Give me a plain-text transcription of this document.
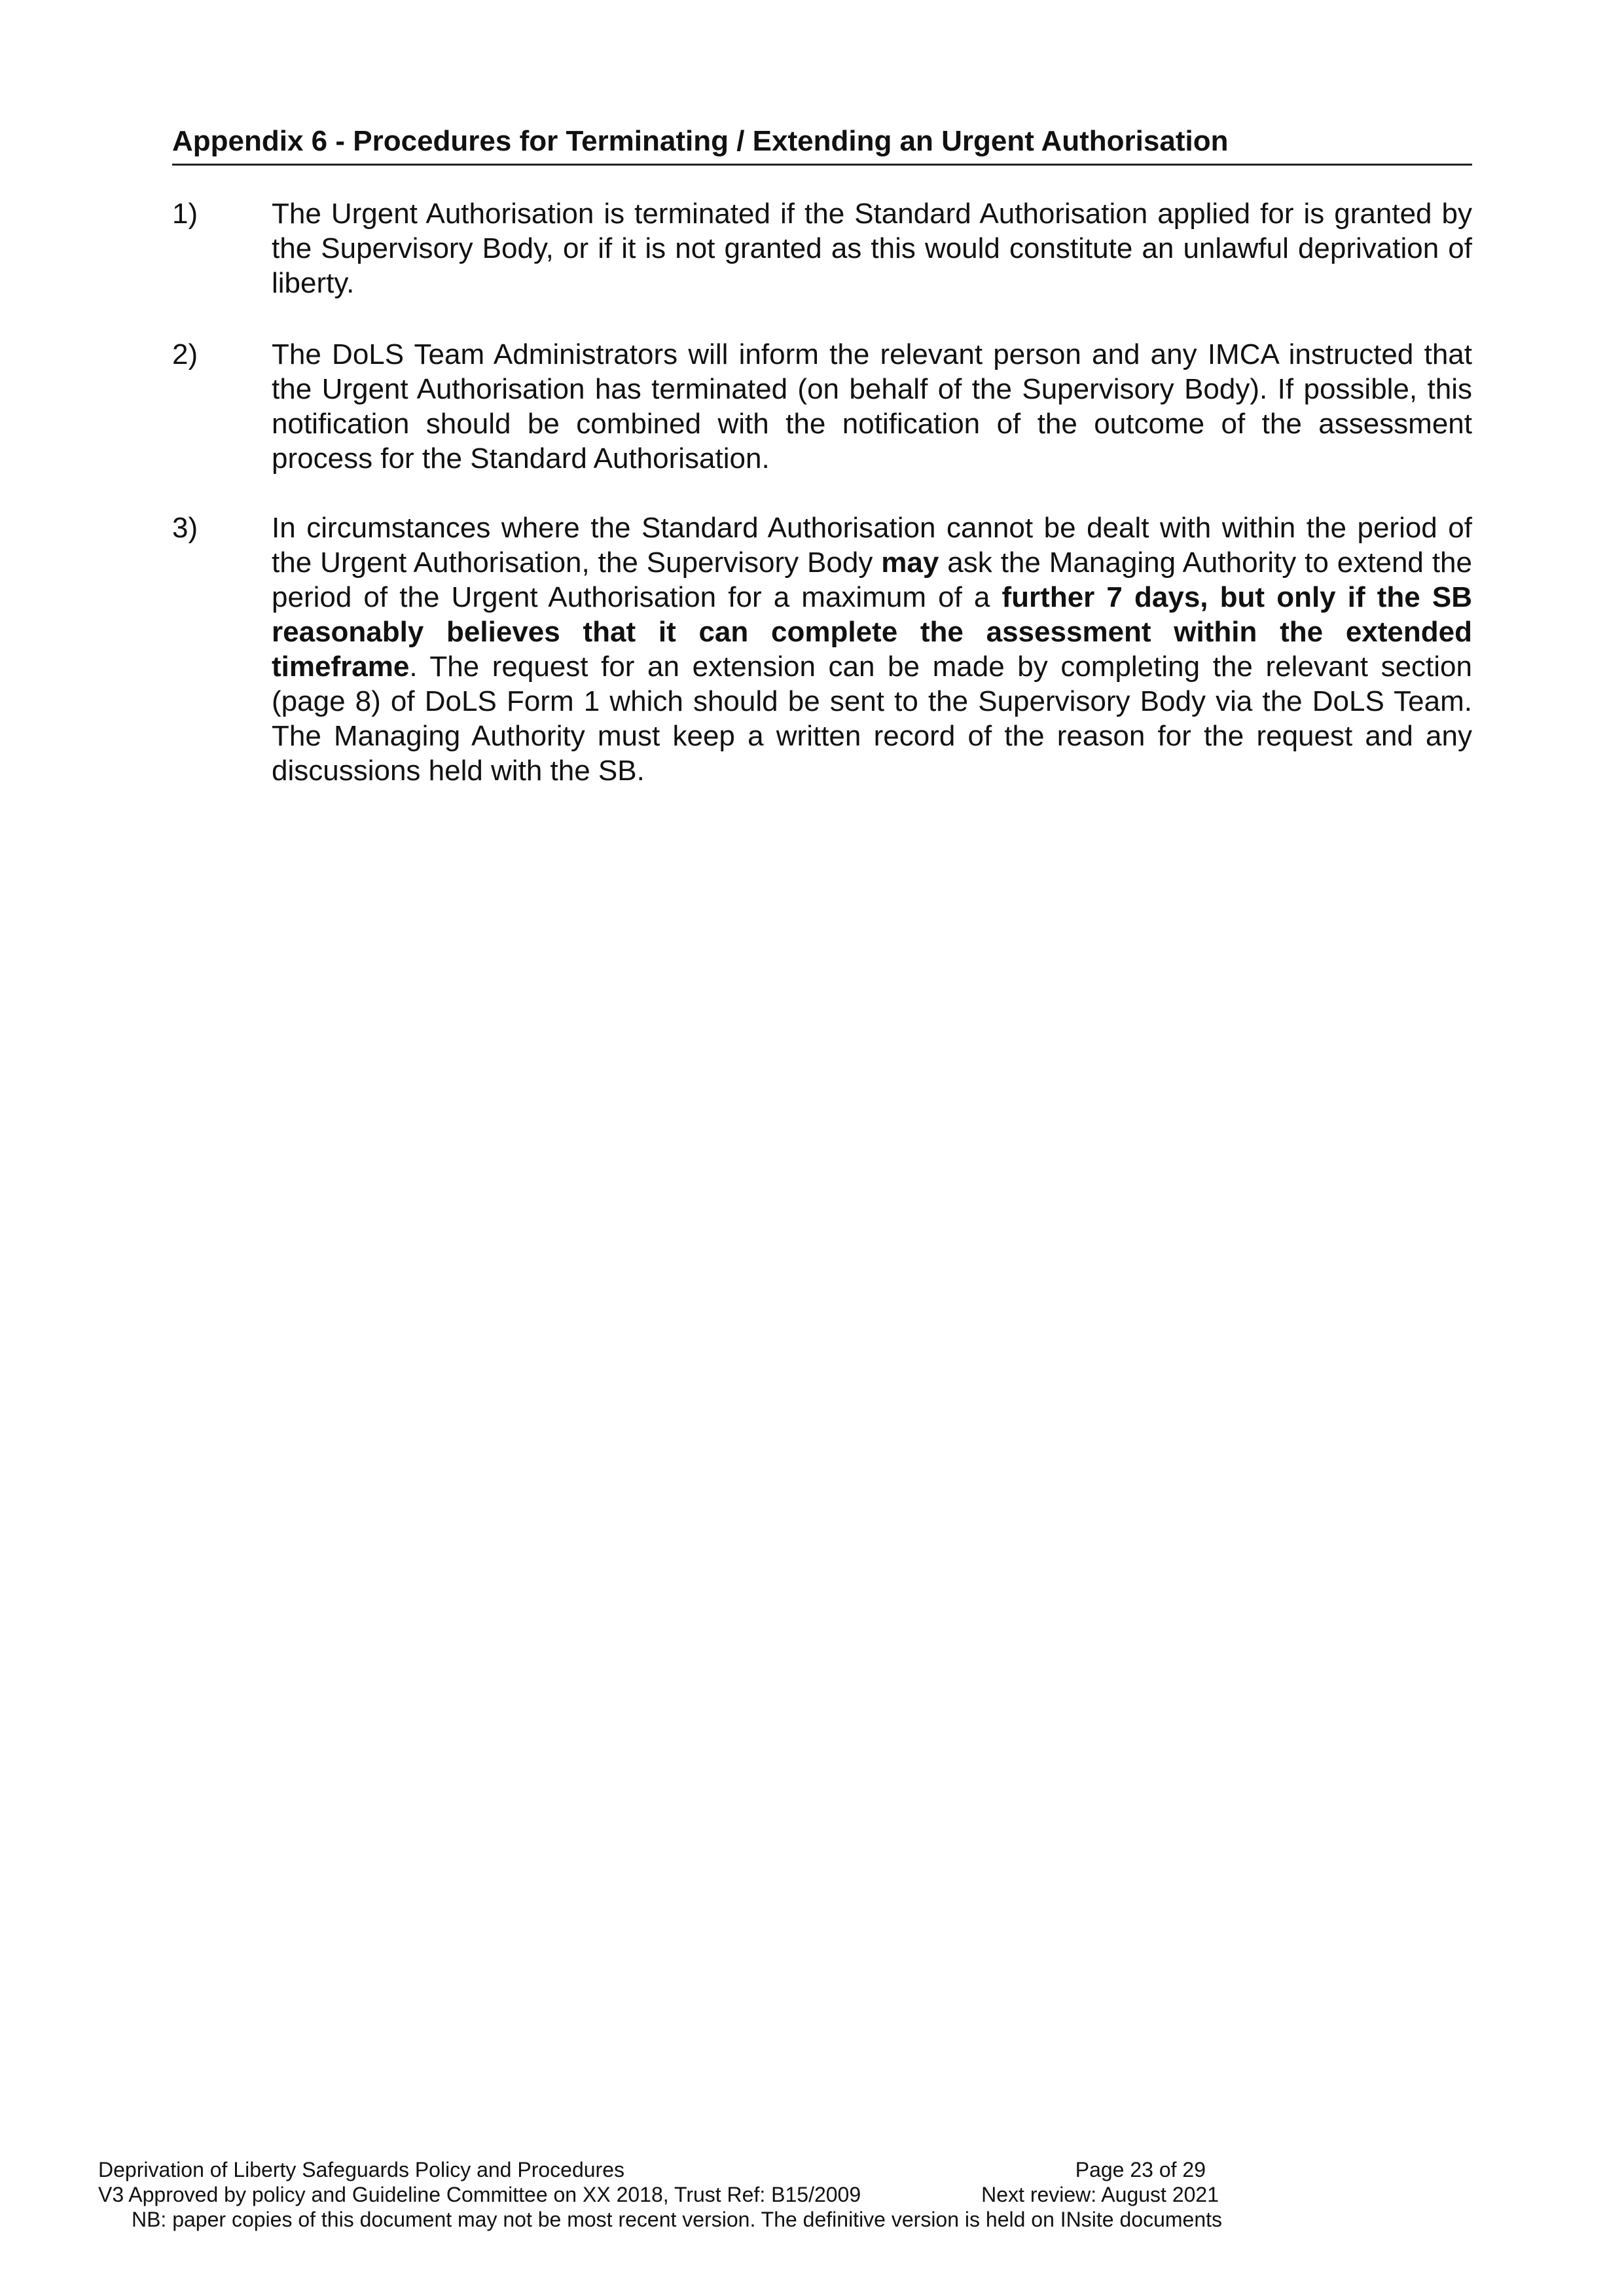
Appendix 6 - Procedures for Terminating / Extending an Urgent Authorisation
1)	The Urgent Authorisation is terminated if the Standard Authorisation applied for is granted by the Supervisory Body, or if it is not granted as this would constitute an unlawful deprivation of liberty.
2)	The DoLS Team Administrators will inform the relevant person and any IMCA instructed that the Urgent Authorisation has terminated (on behalf of the Supervisory Body). If possible, this notification should be combined with the notification of the outcome of the assessment process for the Standard Authorisation.
3)	In circumstances where the Standard Authorisation cannot be dealt with within the period of the Urgent Authorisation, the Supervisory Body may ask the Managing Authority to extend the period of the Urgent Authorisation for a maximum of a further 7 days, but only if the SB reasonably believes that it can complete the assessment within the extended timeframe. The request for an extension can be made by completing the relevant section (page 8) of DoLS Form 1 which should be sent to the Supervisory Body via the DoLS Team. The Managing Authority must keep a written record of the reason for the request and any discussions held with the SB.
Deprivation of Liberty Safeguards Policy and Procedures	Page 23 of 29
V3 Approved by policy and Guideline Committee on XX 2018, Trust Ref: B15/2009	Next review: August 2021
NB: paper copies of this document may not be most recent version. The definitive version is held on INsite documents
